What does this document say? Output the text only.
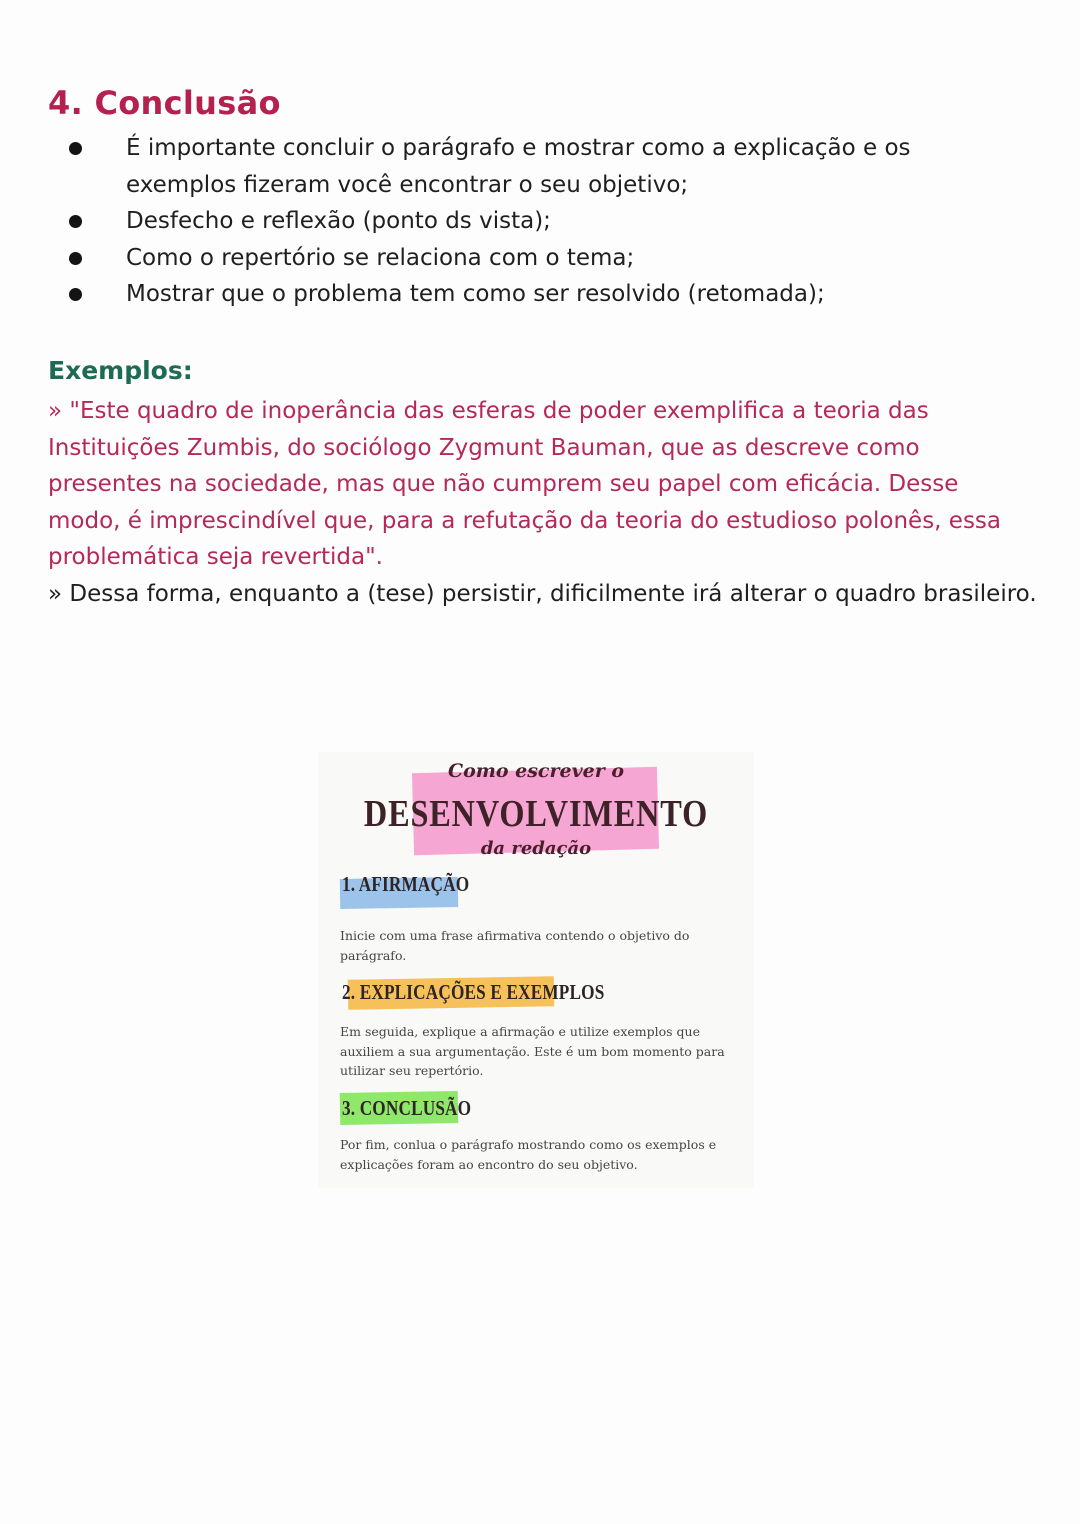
4. Conclusão
É importante concluir o parágrafo e mostrar como a explicação e os exemplos fizeram você encontrar o seu objetivo;
Desfecho e reflexão (ponto ds vista);
Como o repertório se relaciona com o tema;
Mostrar que o problema tem como ser resolvido (retomada);
Exemplos:

» "Este quadro de inoperância das esferas de poder exemplifica a teoria das Instituições Zumbis, do sociólogo Zygmunt Bauman, que as descreve como presentes na sociedade, mas que não cumprem seu papel com eficácia. Desse modo, é imprescindível que, para a refutação da teoria do estudioso polonês, essa problemática seja revertida".

» Dessa forma, enquanto a (tese) persistir, dificilmente irá alterar o quadro brasileiro.

Como escrever o
DESENVOLVIMENTO
da redação
1. AFIRMAÇÃO
Inicie com uma frase afirmativa contendo o objetivo do parágrafo.
2. EXPLICAÇÕES E EXEMPLOS
Em seguida, explique a afirmação e utilize exemplos que auxiliem a sua argumentação. Este é um bom momento para utilizar seu repertório.
3. CONCLUSÃO
Por fim, conlua o parágrafo mostrando como os exemplos e explicações foram ao encontro do seu objetivo.
